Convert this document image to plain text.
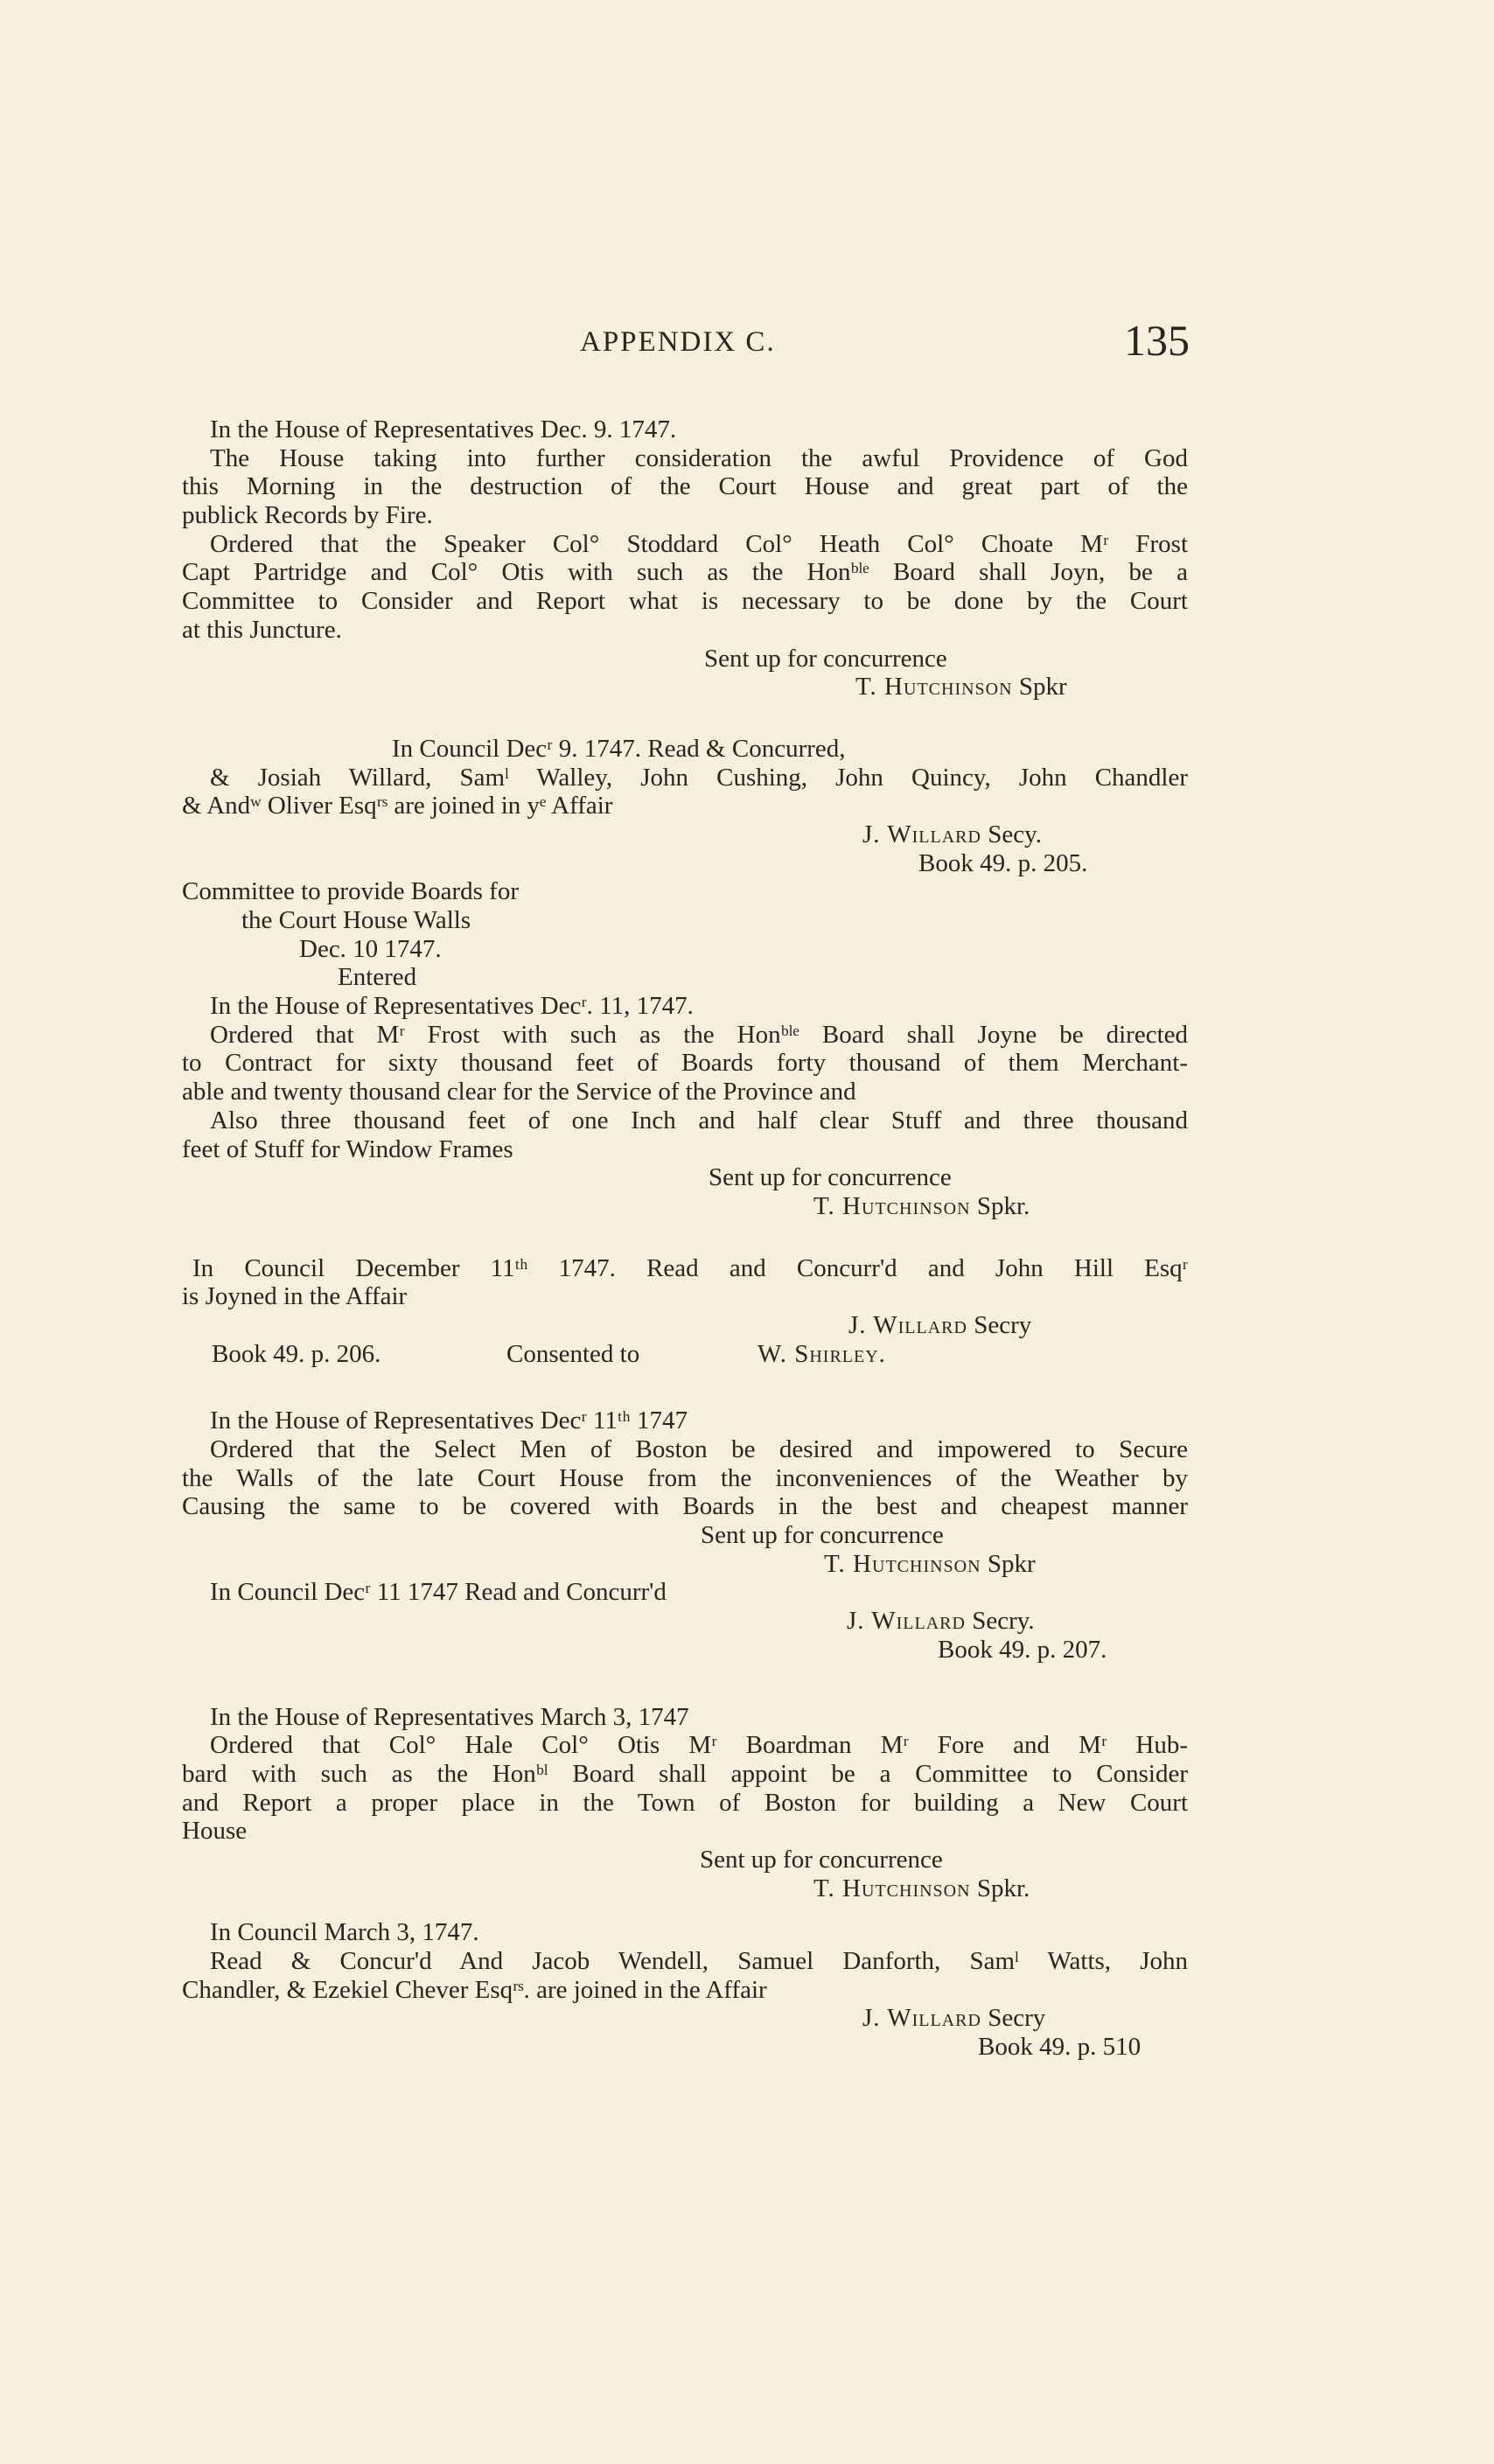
APPENDIX C.	135
In the House of Representatives Dec. 9. 1747.
The House taking into further consideration the awful Providence of God
this Morning in the destruction of the Court House and great part of the
publick Records by Fire.
Ordered that the Speaker Col° Stoddard Col° Heath Col° Choate Mʳ Frost
Capt Partridge and Col° Otis with such as the Honᵇˡᵉ Board shall Joyn, be a
Committee to Consider and Report what is necessary to be done by the Court
at this Juncture.
Sent up for concurrence
T. Hutchinson Spkr
In Council Decʳ 9. 1747. Read & Concurred,
& Josiah Willard, Samˡ Walley, John Cushing, John Quincy, John Chandler
& Andʷ Oliver Esqʳˢ are joined in yᵉ Affair
J. Willard Secy.
Book 49. p. 205.
Committee to provide Boards for
the Court House Walls
Dec. 10 1747.
Entered
In the House of Representatives Decʳ. 11, 1747.
Ordered that Mʳ Frost with such as the Honᵇˡᵉ Board shall Joyne be directed
to Contract for sixty thousand feet of Boards forty thousand of them Merchant-
able and twenty thousand clear for the Service of the Province and
Also three thousand feet of one Inch and half clear Stuff and three thousand
feet of Stuff for Window Frames
Sent up for concurrence
T. Hutchinson Spkr.
In Council December 11ᵗʰ 1747. Read and Concurr'd and John Hill Esqʳ
is Joyned in the Affair
J. Willard Secry
Book 49. p. 206.	Consented to	W. Shirley.
In the House of Representatives Decʳ 11ᵗʰ 1747
Ordered that the Select Men of Boston be desired and impowered to Secure
the Walls of the late Court House from the inconveniences of the Weather by
Causing the same to be covered with Boards in the best and cheapest manner
Sent up for concurrence
T. Hutchinson Spkr
In Council Decʳ 11 1747 Read and Concurr'd
J. Willard Secry.
Book 49. p. 207.
In the House of Representatives March 3, 1747
Ordered that Col° Hale Col° Otis Mʳ Boardman Mʳ Fore and Mʳ Hub-
bard with such as the Honᵇˡ Board shall appoint be a Committee to Consider
and Report a proper place in the Town of Boston for building a New Court
House
Sent up for concurrence
T. Hutchinson Spkr.
In Council March 3, 1747.
Read & Concur'd And Jacob Wendell, Samuel Danforth, Samˡ Watts, John
Chandler, & Ezekiel Chever Esqʳˢ. are joined in the Affair
J. Willard Secry
Book 49. p. 510
